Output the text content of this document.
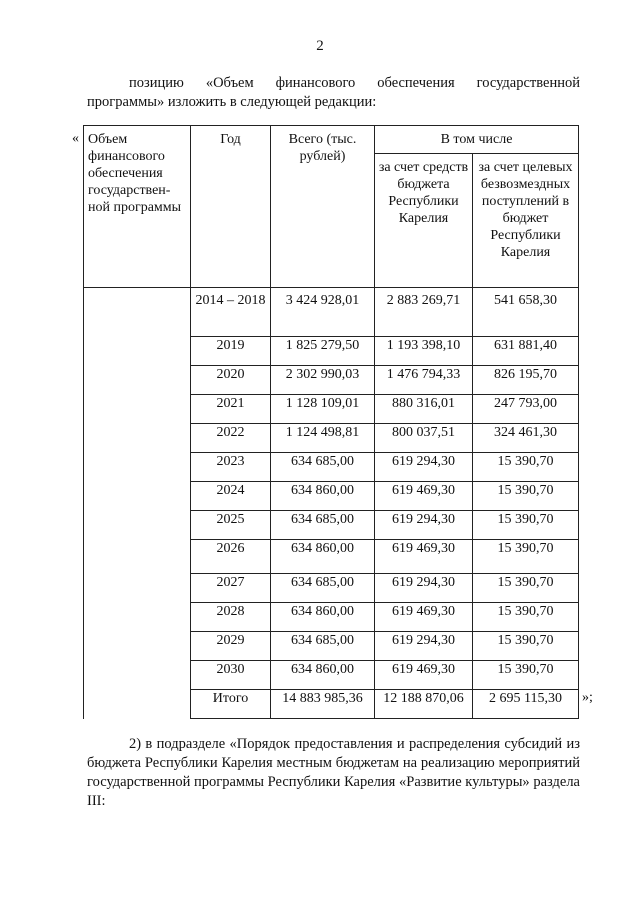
2
позицию «Объем финансового обеспечения государственной программы» изложить в следующей редакции:
« Объем финансового обеспечения государствен-ной программы	Год	Всего (тыс. рублей)	В том числе	
			за счет средств бюджета Республики Карелия	за счет целевых безвозмездных поступлений в бюджет Республики Карелия
	2014 – 2018	3 424 928,01	2 883 269,71	541 658,30
	2019	1 825 279,50	1 193 398,10	631 881,40
	2020	2 302 990,03	1 476 794,33	826 195,70
	2021	1 128 109,01	880 316,01	247 793,00
	2022	1 124 498,81	800 037,51	324 461,30
	2023	634 685,00	619 294,30	15 390,70
	2024	634 860,00	619 469,30	15 390,70
	2025	634 685,00	619 294,30	15 390,70
	2026	634 860,00	619 469,30	15 390,70
	2027	634 685,00	619 294,30	15 390,70
	2028	634 860,00	619 469,30	15 390,70
	2029	634 685,00	619 294,30	15 390,70
	2030	634 860,00	619 469,30	15 390,70
	Итого	14 883 985,36	12 188 870,06	2 695 115,30 »;
2) в подразделе «Порядок предоставления и распределения субсидий из бюджета Республики Карелия местным бюджетам на реализацию мероприятий государственной программы Республики Карелия «Развитие культуры» раздела III:
